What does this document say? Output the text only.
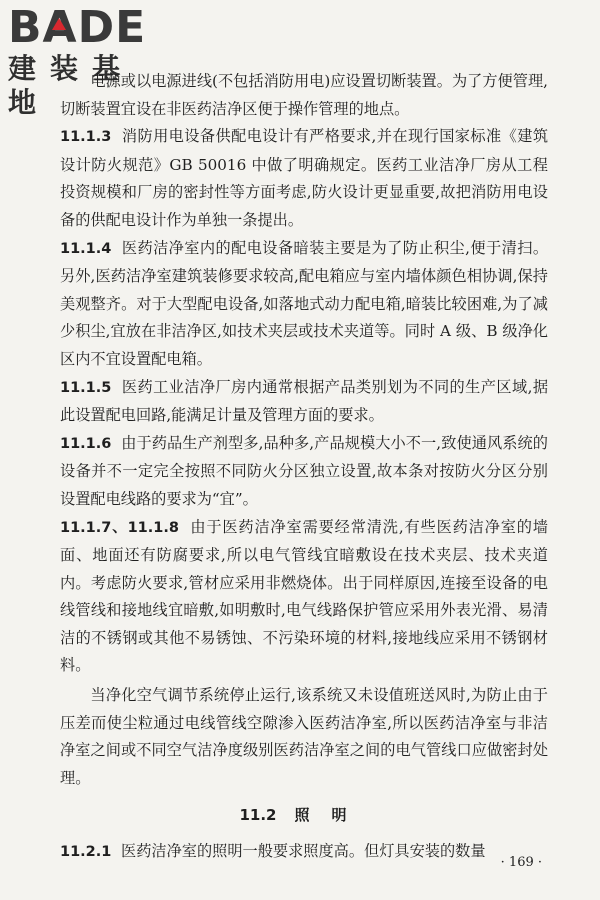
BA
DE
建装基地

电源或以电源进线(不包括消防用电)应设置切断装置。为了方便管理,切断装置宜设在非医药洁净区便于操作管理的地点。

11.1.3 消防用电设备供配电设计有严格要求,并在现行国家标准《建筑设计防火规范》GB 50016 中做了明确规定。医药工业洁净厂房从工程投资规模和厂房的密封性等方面考虑,防火设计更显重要,故把消防用电设备的供配电设计作为单独一条提出。

11.1.4 医药洁净室内的配电设备暗装主要是为了防止积尘,便于清扫。另外,医药洁净室建筑装修要求较高,配电箱应与室内墙体颜色相协调,保持美观整齐。对于大型配电设备,如落地式动力配电箱,暗装比较困难,为了减少积尘,宜放在非洁净区,如技术夹层或技术夹道等。同时 A 级、B 级净化区内不宜设置配电箱。

11.1.5 医药工业洁净厂房内通常根据产品类别划为不同的生产区域,据此设置配电回路,能满足计量及管理方面的要求。

11.1.6 由于药品生产剂型多,品种多,产品规模大小不一,致使通风系统的设备并不一定完全按照不同防火分区独立设置,故本条对按防火分区分别设置配电线路的要求为“宜”。

11.1.7、11.1.8 由于医药洁净室需要经常清洗,有些医药洁净室的墙面、地面还有防腐要求,所以电气管线宜暗敷设在技术夹层、技术夹道内。考虑防火要求,管材应采用非燃烧体。出于同样原因,连接至设备的电线管线和接地线宜暗敷,如明敷时,电气线路保护管应采用外表光滑、易清洁的不锈钢或其他不易锈蚀、不污染环境的材料,接地线应采用不锈钢材料。

当净化空气调节系统停止运行,该系统又未设值班送风时,为防止由于压差而使尘粒通过电线管线空隙渗入医药洁净室,所以医药洁净室与非洁净室之间或不同空气洁净度级别医药洁净室之间的电气管线口应做密封处理。

11.2 照明

11.2.1 医药洁净室的照明一般要求照度高。但灯具安装的数量

· 169 ·
